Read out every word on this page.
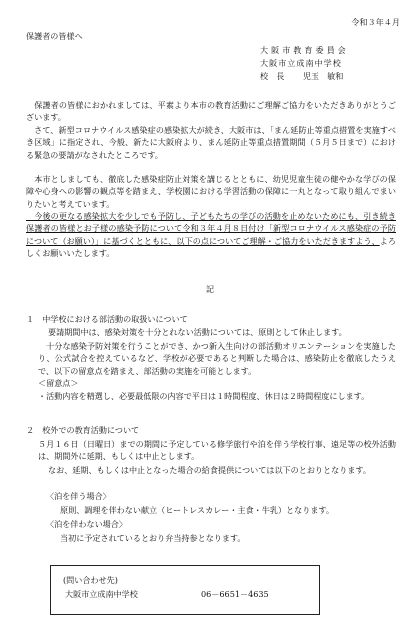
令和３年４月
保護者の皆様へ
大阪市教育委員会
大阪市立成南中学校
校　長 児玉　敏和
　保護者の皆様におかれましては、平素より本市の教育活動にご理解ご協力をいただきありがとうございます。
　さて、新型コロナウイルス感染症の感染拡大が続き、大阪市は、「まん延防止等重点措置を実施すべき区域」に指定され、今般、新たに大阪府より、まん延防止等重点措置期間（５月５日まで）における緊急の要請がなされたところです。
　本市としましても、徹底した感染症防止対策を講じるとともに、幼児児童生徒の健やかな学びの保障や心身への影響の観点等を踏まえ、学校園における学習活動の保障に一丸となって取り組んでまいりたいと考えています。
　今後の更なる感染拡大を少しでも予防し、子どもたちの学びの活動を止めないためにも、引き続き保護者の皆様とお子様の感染予防について令和３年４月８日付け「新型コロナウイルス感染症の予防について（お願い）」に基づくとともに、以下の点についてご理解・ご協力をいただきますよう、よろしくお願いいたします。
記
１　中学校における部活動の取扱いについて
要請期間中は、感染対策を十分とれない活動については、原則として休止します。
　十分な感染予防対策を行うことができ、かつ新入生向けの部活動オリエンテーションを実施したり、公式試合を控えているなど、学校が必要であると判断した場合は、感染防止を徹底したうえで、以下の留意点を踏まえ、部活動の実施を可能とします。
＜留意点＞
・活動内容を精選し、必要最低限の内容で平日は１時間程度、休日は２時間程度にします。
２　校外での教育活動について
５月１６日（日曜日）までの期間に予定している修学旅行や泊を伴う学校行事、遠足等の校外活動は、期間外に延期、もしくは中止とします。
なお、延期、もしくは中止となった場合の給食提供については以下のとおりとなります。
〈泊を伴う場合〉
原則、調理を伴わない献立（ヒートレスカレー・主食・牛乳）となります。
〈泊を伴わない場合〉
当初に予定されているとおり弁当持参となります。
(問い合わせ先)
大阪市立成南中学校	06－6651－4635
